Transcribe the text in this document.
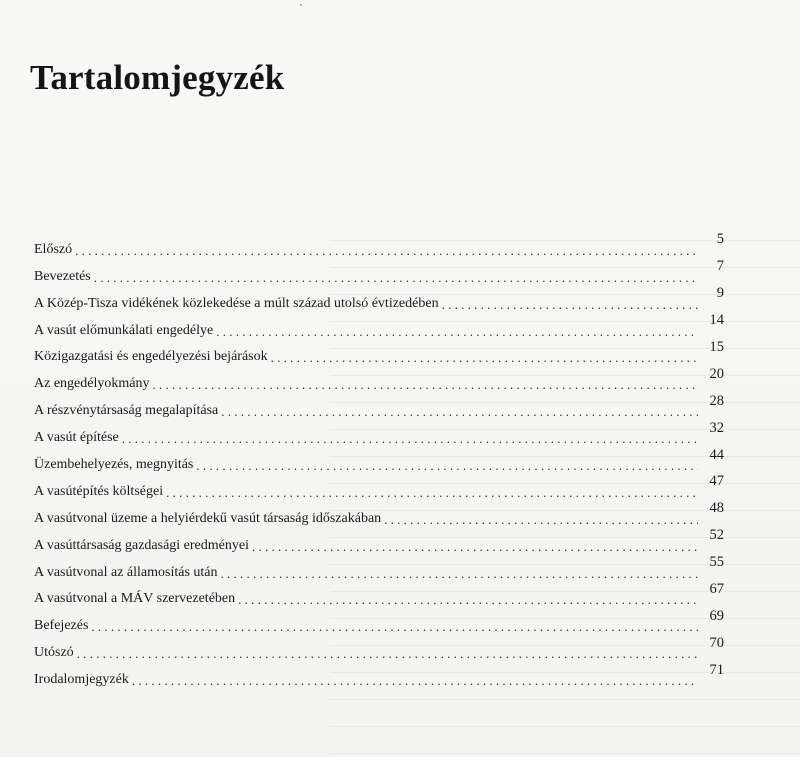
Tartalomjegyzék
Előszó
. . .
5
Bevezetés
. . .
7
A Közép-Tisza vidékének közlekedése a múlt század utolsó évtizedében
. . .
9
A vasút előmunkálati engedélye
. . .
14
Közigazgatási és engedélyezési bejárások
. . .
15
Az engedélyokmány
. . .
20
A részvénytársaság megalapítása
. . .
28
A vasút építése
. . .
32
Üzembehelyezés, megnyitás
. . .
44
A vasútépítés költségei
. . .
47
A vasútvonal üzeme a helyiérdekű vasút társaság időszakában
. . .
48
A vasúttársaság gazdasági eredményei
. . .
52
A vasútvonal az államosítás után
. . .
55
A vasútvonal a MÁV szervezetében
. . .
67
Befejezés
. . .
69
Utószó
. . .
70
Irodalomjegyzék
. . .
71
